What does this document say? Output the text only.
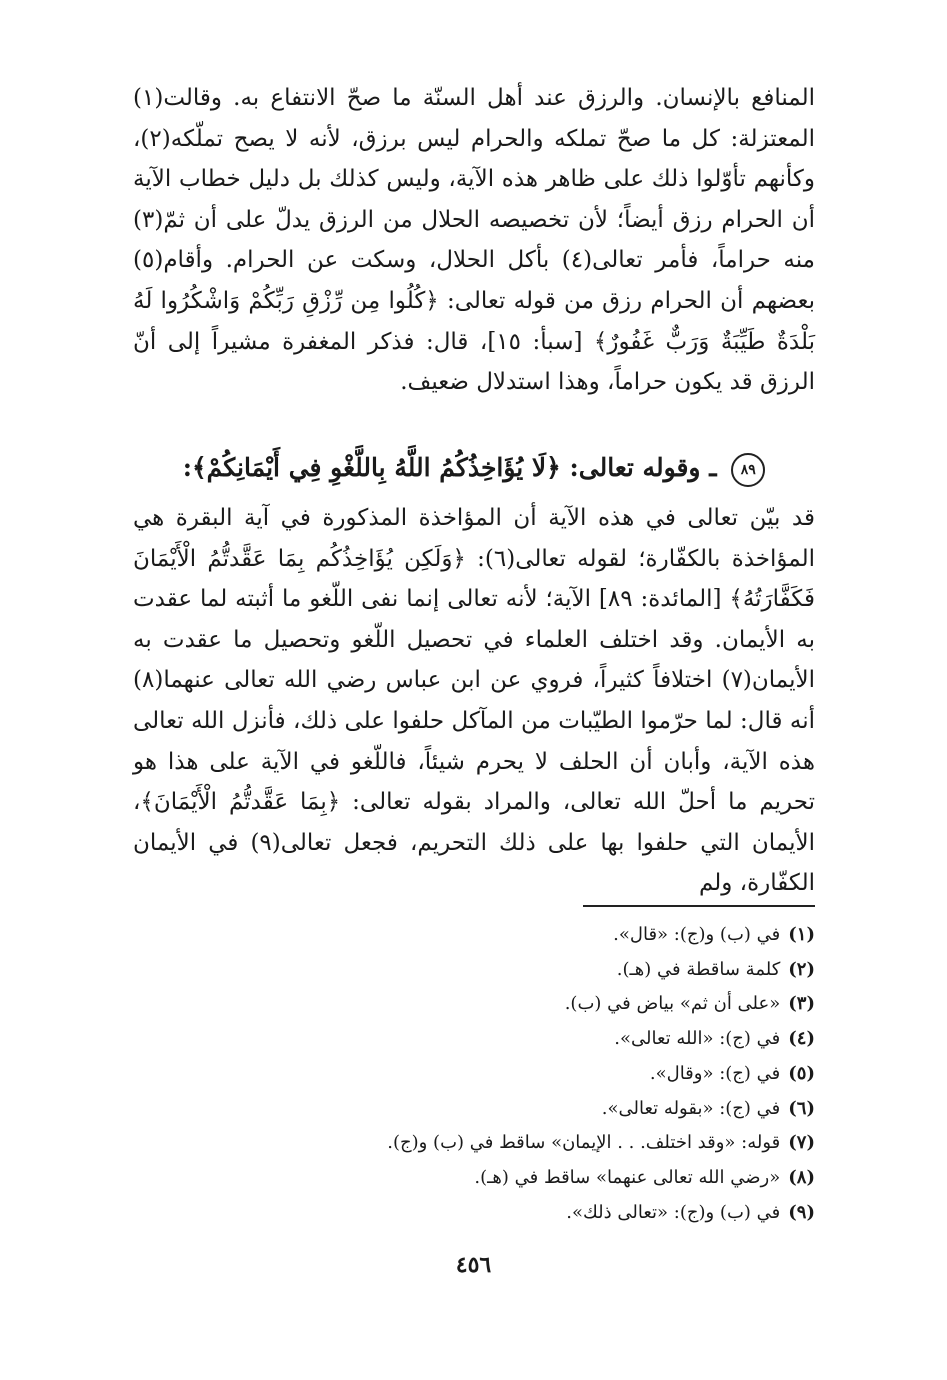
المنافع بالإنسان. والرزق عند أهل السنّة ما صحّ الانتفاع به. وقالت(١) المعتزلة: كل ما صحّ تملكه والحرام ليس برزق، لأنه لا يصح تملّكه(٢)، وكأنهم تأوّلوا ذلك على ظاهر هذه الآية، وليس كذلك بل دليل خطاب الآية أن الحرام رزق أيضاً؛ لأن تخصيصه الحلال من الرزق يدلّ على أن ثمّ(٣) منه حراماً، فأمر تعالى(٤) بأكل الحلال، وسكت عن الحرام. وأقام(٥) بعضهم أن الحرام رزق من قوله تعالى: ﴿كُلُوا مِن رِّزْقِ رَبِّكُمْ وَاشْكُرُوا لَهُ بَلْدَةٌ طَيِّبَةٌ وَرَبٌّ غَفُورٌ﴾ [سبأ: ١٥]، قال: فذكر المغفرة مشيراً إلى أنّ الرزق قد يكون حراماً، وهذا استدلال ضعيف.

٨٩ ـ وقوله تعالى: ﴿لَا يُؤَاخِذُكُمُ اللَّهُ بِاللَّغْوِ فِي أَيْمَانِكُمْ﴾:

قد بيّن تعالى في هذه الآية أن المؤاخذة المذكورة في آية البقرة هي المؤاخذة بالكفّارة؛ لقوله تعالى(٦): ﴿وَلَكِن يُؤَاخِذُكُم بِمَا عَقَّدتُّمُ الْأَيْمَانَ فَكَفَّارَتُهُ﴾ [المائدة: ٨٩] الآية؛ لأنه تعالى إنما نفى اللّغو ما أثبته لما عقدت به الأيمان. وقد اختلف العلماء في تحصيل اللّغو وتحصيل ما عقدت به الأيمان(٧) اختلافاً كثيراً، فروي عن ابن عباس رضي الله تعالى عنهما(٨) أنه قال: لما حرّموا الطيّبات من المآكل حلفوا على ذلك، فأنزل الله تعالى هذه الآية، وأبان أن الحلف لا يحرم شيئاً، فاللّغو في الآية على هذا هو تحريم ما أحلّ الله تعالى، والمراد بقوله تعالى: ﴿بِمَا عَقَّدتُّمُ الْأَيْمَانَ﴾، الأيمان التي حلفوا بها على ذلك التحريم، فجعل تعالى(٩) في الأيمان الكفّارة، ولم

(١)في (ب) و(ج): «قال».
(٢)كلمة ساقطة في (هـ).
(٣)«على أن ثم» بياض في (ب).
(٤)في (ج): «الله تعالى».
(٥)في (ج): «وقال».
(٦)في (ج): «بقوله تعالى».
(٧)قوله: «وقد اختلف. . . الإيمان» ساقط في (ب) و(ج).
(٨)«رضي الله تعالى عنهما» ساقط في (هـ).
(٩)في (ب) و(ج): «تعالى ذلك».
٤٥٦
